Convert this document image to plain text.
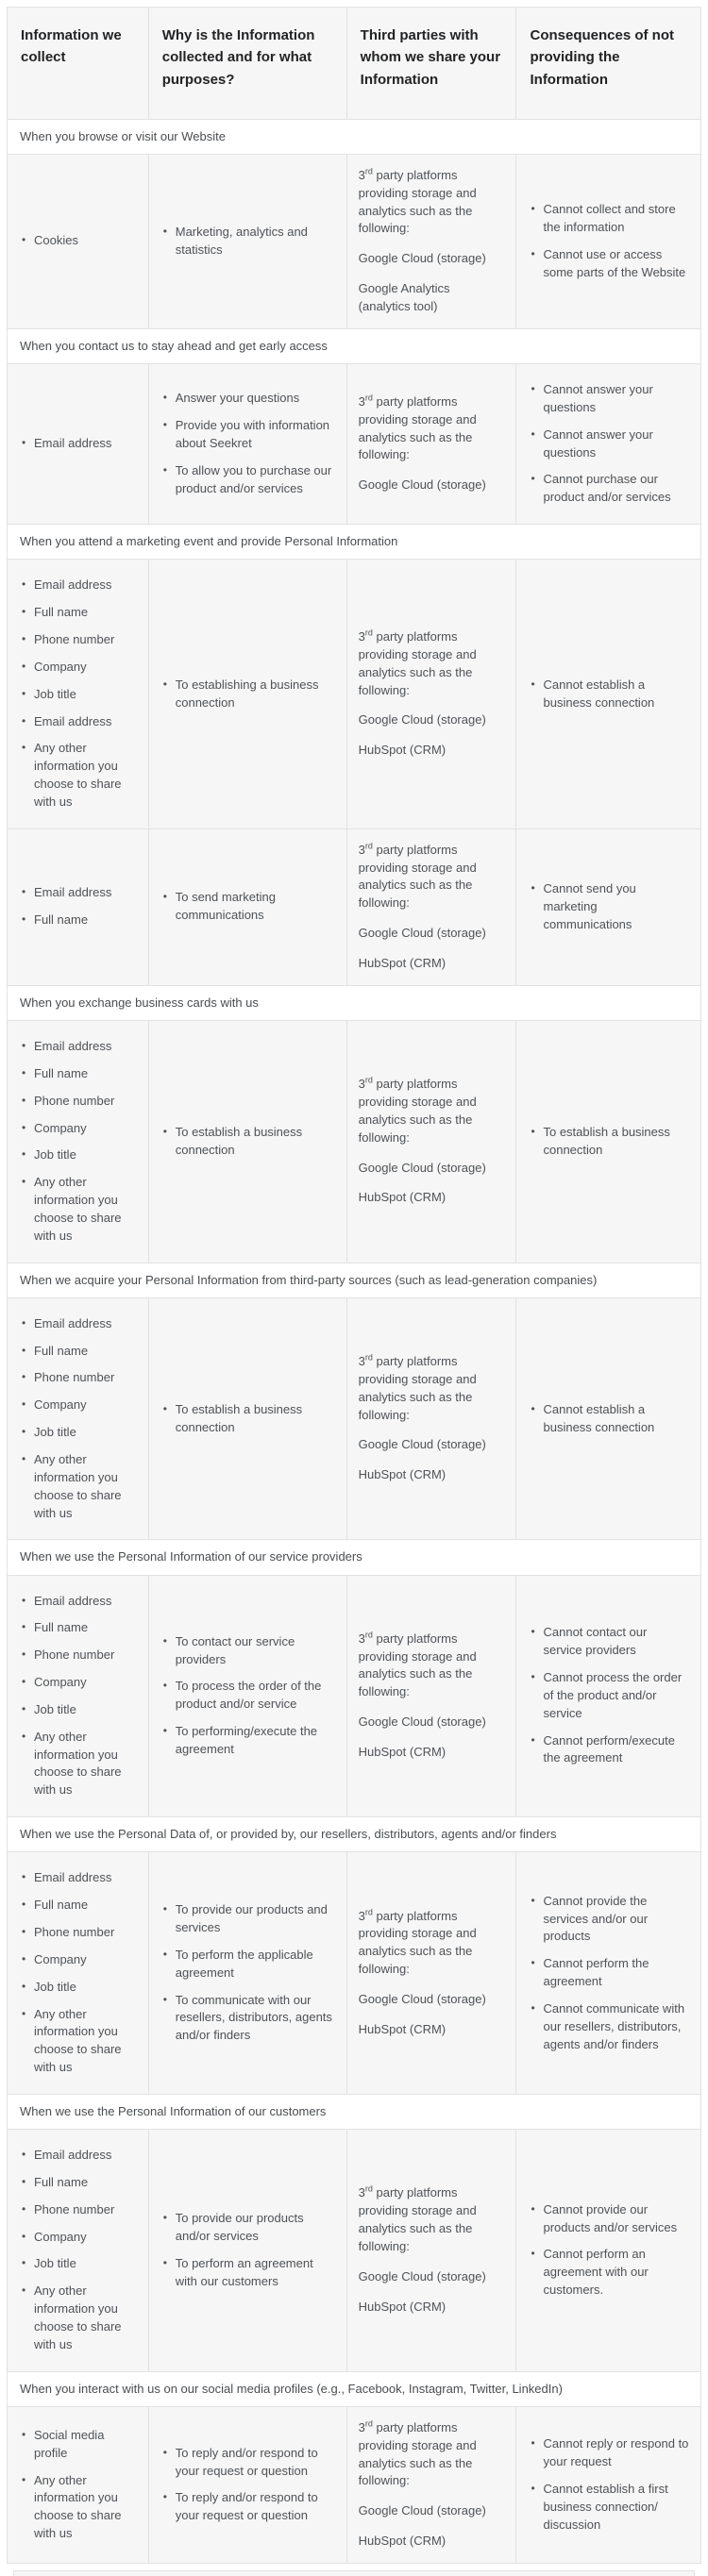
Information we collect
Why is the Information collected and for what purposes?
Third parties with whom we share your Information
Consequences of not providing the Information
When you browse or visit our Website
• Cookies
• Marketing, analytics and statistics

3rd party platforms providing storage and analytics such as the following:

Google Cloud (storage)

Google Analytics (analytics tool)

• Cannot collect and store the information
• Cannot use or access some parts of the Website
When you contact us to stay ahead and get early access
• Email address
• Answer your questions
• Provide you with information about Seekret
• To allow you to purchase our product and/or services

3rd party platforms providing storage and analytics such as the following:

Google Cloud (storage)

• Cannot answer your questions
• Cannot answer your questions
• Cannot purchase our product and/or services
When you attend a marketing event and provide Personal Information
• Email address
• Full name
• Phone number
• Company
• Job title
• Email address
• Any other information you choose to share with us
• To establishing a business connection

3rd party platforms providing storage and analytics such as the following:

Google Cloud (storage)

HubSpot (CRM)

• Cannot establish a business connection
• Email address
• Full name
• To send marketing communications

3rd party platforms providing storage and analytics such as the following:

Google Cloud (storage)

HubSpot (CRM)

• Cannot send you marketing communications
When you exchange business cards with us
• Email address
• Full name
• Phone number
• Company
• Job title
• Any other information you choose to share with us
• To establish a business connection

3rd party platforms providing storage and analytics such as the following:

Google Cloud (storage)

HubSpot (CRM)

• To establish a business connection
When we acquire your Personal Information from third-party sources (such as lead-generation companies)
• Email address
• Full name
• Phone number
• Company
• Job title
• Any other information you choose to share with us
• To establish a business connection

3rd party platforms providing storage and analytics such as the following:

Google Cloud (storage)

HubSpot (CRM)

• Cannot establish a business connection
When we use the Personal Information of our service providers
• Email address
• Full name
• Phone number
• Company
• Job title
• Any other information you choose to share with us
• To contact our service providers
• To process the order of the product and/or service
• To performing/execute the agreement

3rd party platforms providing storage and analytics such as the following:

Google Cloud (storage)

HubSpot (CRM)

• Cannot contact our service providers
• Cannot process the order of the product and/or service
• Cannot perform/execute the agreement
When we use the Personal Data of, or provided by, our resellers, distributors, agents and/or finders
• Email address
• Full name
• Phone number
• Company
• Job title
• Any other information you choose to share with us
• To provide our products and services
• To perform the applicable agreement
• To communicate with our resellers, distributors, agents and/or finders

3rd party platforms providing storage and analytics such as the following:

Google Cloud (storage)

HubSpot (CRM)

• Cannot provide the services and/or our products
• Cannot perform the agreement
• Cannot communicate with our resellers, distributors, agents and/or finders
When we use the Personal Information of our customers
• Email address
• Full name
• Phone number
• Company
• Job title
• Any other information you choose to share with us
• To provide our products and/or services
• To perform an agreement with our customers

3rd party platforms providing storage and analytics such as the following:

Google Cloud (storage)

HubSpot (CRM)

• Cannot provide our products and/or services
• Cannot perform an agreement with our customers.
When you interact with us on our social media profiles (e.g., Facebook, Instagram, Twitter, LinkedIn)
• Social media profile
• Any other information you choose to share with us
• To reply and/or respond to your request or question
• To reply and/or respond to your request or question

3rd party platforms providing storage and analytics such as the following:

Google Cloud (storage)

HubSpot (CRM)

• Cannot reply or respond to your request
• Cannot establish a first business connection/ discussion
